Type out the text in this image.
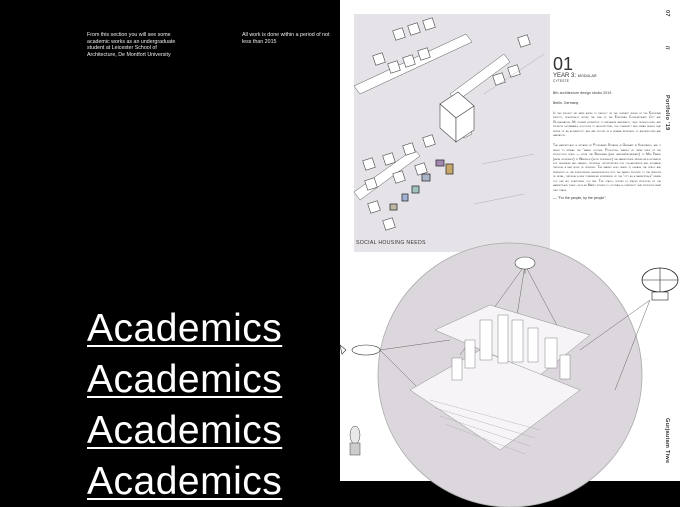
From this section you will see some academic works as an undergraduate student at Leicester School of Architecture, De Montfort University

All work is done within a period of not less than 2015

Academics
Academics
Academics
Academics
SOCIAL HOUSING NEEDS
01
YEAR 3: MODULAR
CYTESTE
Bth architecture design studio 2019
Berlin, Germany

In this project we were asked to reflect on the current issues of the European identity, specifically within the idea of the European Contemporary City and Globalisation. My scheme attempted to emphasize materiality, new technologies, and promote sustainable solutions to architecture, the community and urban design that revive of an authenticity and are rooted in a humane approach to architecture and habitation.

The marketplace is situated at Potsdamer Strasse in Germany in Kreuzberg, and it seeks to spread the "maker culture. Producing 'making' at three ends of the production scale — from the Bergsman (bier garden/restaurant) to Mini Fabrik (metal workshop) to Werkhof (wood workshop) the marketplace serves as a incubator for designers and makers, providing opportunities for collaboration and exchange through a new mode of working. The market also seeks to engage the public and residents of the surrounding neighborhoods into the making process to the vendors of retail, through a new commercial experience of the "city as a marketplace" where you can buy everything you see. The stalls, hosted in spaces produced by the marketplace itself, such as Markt strives to cultivate a community that produces what they trade.

— "For the people, by the people".

07
//
Portfolio '19
Gurjautam Tiwe
